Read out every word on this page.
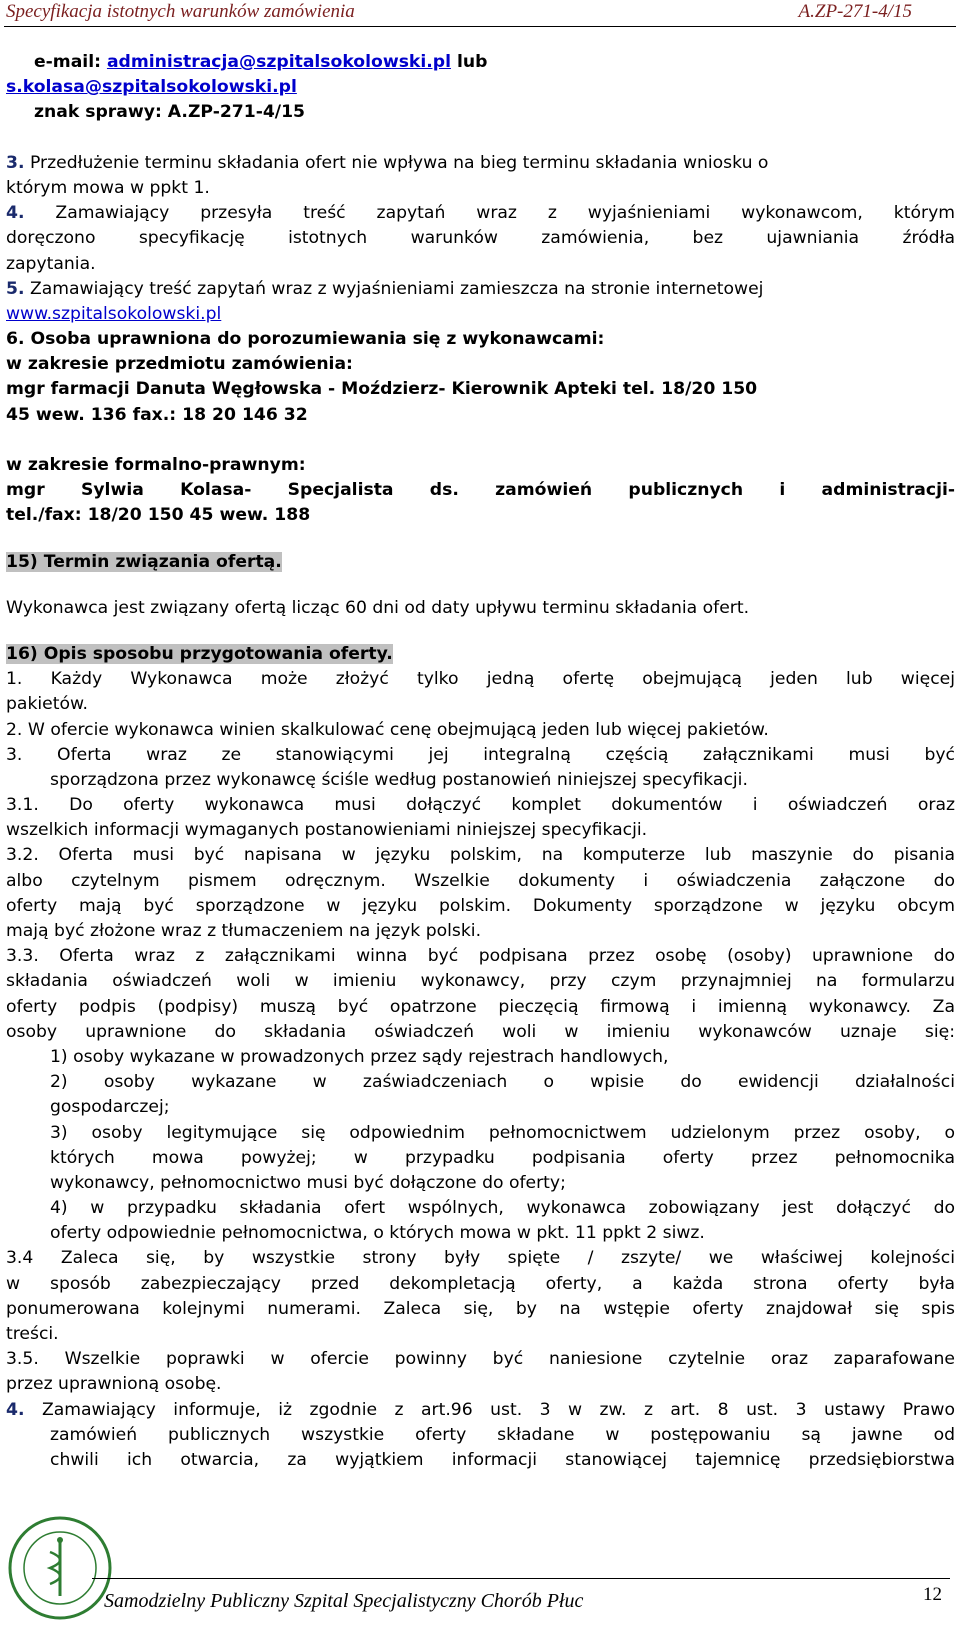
Specyfikacja istotnych warunków zamówienia	A.ZP-271-4/15
e-mail: administracja@szpitalsokolowski.pl lub
s.kolasa@szpitalsokolowski.pl
znak sprawy: A.ZP-271-4/15
3. Przedłużenie terminu składania ofert nie wpływa na bieg terminu składania wniosku o
którym mowa w ppkt 1.
4. Zamawiający przesyła treść zapytań wraz z wyjaśnieniami wykonawcom, którym
doręczono specyfikację istotnych warunków zamówienia, bez ujawniania źródła
zapytania.
5. Zamawiający treść zapytań wraz z wyjaśnieniami zamieszcza na stronie internetowej
www.szpitalsokolowski.pl
6. Osoba uprawniona do porozumiewania się z wykonawcami:
w zakresie przedmiotu zamówienia:
mgr farmacji Danuta Węgłowska - Moździerz- Kierownik Apteki tel. 18/20 150
45 wew. 136 fax.: 18 20 146 32
w zakresie formalno-prawnym:
mgr Sylwia Kolasa- Specjalista ds. zamówień publicznych i administracji-
tel./fax: 18/20 150 45 wew. 188
15) Termin związania ofertą.
Wykonawca jest związany ofertą licząc 60 dni od daty upływu terminu składania ofert.
16) Opis sposobu przygotowania oferty.
1. Każdy Wykonawca może złożyć tylko jedną ofertę obejmującą jeden lub więcej
pakietów.
2. W ofercie wykonawca winien skalkulować cenę obejmującą jeden lub więcej pakietów.
3. Oferta wraz ze stanowiącymi jej integralną częścią załącznikami musi być
sporządzona przez wykonawcę ściśle według postanowień niniejszej specyfikacji.
3.1. Do oferty wykonawca musi dołączyć komplet dokumentów i oświadczeń oraz
wszelkich informacji wymaganych postanowieniami niniejszej specyfikacji.
3.2. Oferta musi być napisana w języku polskim, na komputerze lub maszynie do pisania
albo czytelnym pismem odręcznym. Wszelkie dokumenty i oświadczenia załączone do
oferty mają być sporządzone w języku polskim. Dokumenty sporządzone w języku obcym
mają być złożone wraz z tłumaczeniem na język polski.
3.3. Oferta wraz z załącznikami winna być podpisana przez osobę (osoby) uprawnione do
składania oświadczeń woli w imieniu wykonawcy, przy czym przynajmniej na formularzu
oferty podpis (podpisy) muszą być opatrzone pieczęcią firmową i imienną wykonawcy. Za
osoby uprawnione do składania oświadczeń woli w imieniu wykonawców uznaje się:
1) osoby wykazane w prowadzonych przez sądy rejestrach handlowych,
2) osoby wykazane w zaświadczeniach o wpisie do ewidencji działalności
gospodarczej;
3) osoby legitymujące się odpowiednim pełnomocnictwem udzielonym przez osoby, o
których mowa powyżej; w przypadku podpisania oferty przez pełnomocnika
wykonawcy, pełnomocnictwo musi być dołączone do oferty;
4) w przypadku składania ofert wspólnych, wykonawca zobowiązany jest dołączyć do
oferty odpowiednie pełnomocnictwa, o których mowa w pkt. 11 ppkt 2 siwz.
3.4 Zaleca się, by wszystkie strony były spięte / zszyte/ we właściwej kolejności
w sposób zabezpieczający przed dekompletacją oferty, a każda strona oferty była
ponumerowana kolejnymi numerami. Zaleca się, by na wstępie oferty znajdował się spis
treści.
3.5. Wszelkie poprawki w ofercie powinny być naniesione czytelnie oraz zaparafowane
przez uprawnioną osobę.
4. Zamawiający informuje, iż zgodnie z art.96 ust. 3 w zw. z art. 8 ust. 3 ustawy Prawo
zamówień publicznych wszystkie oferty składane w postępowaniu są jawne od
chwili ich otwarcia, za wyjątkiem informacji stanowiącej tajemnicę przedsiębiorstwa
Samodzielny Publiczny Szpital Specjalistyczny Chorób Płuc	12
